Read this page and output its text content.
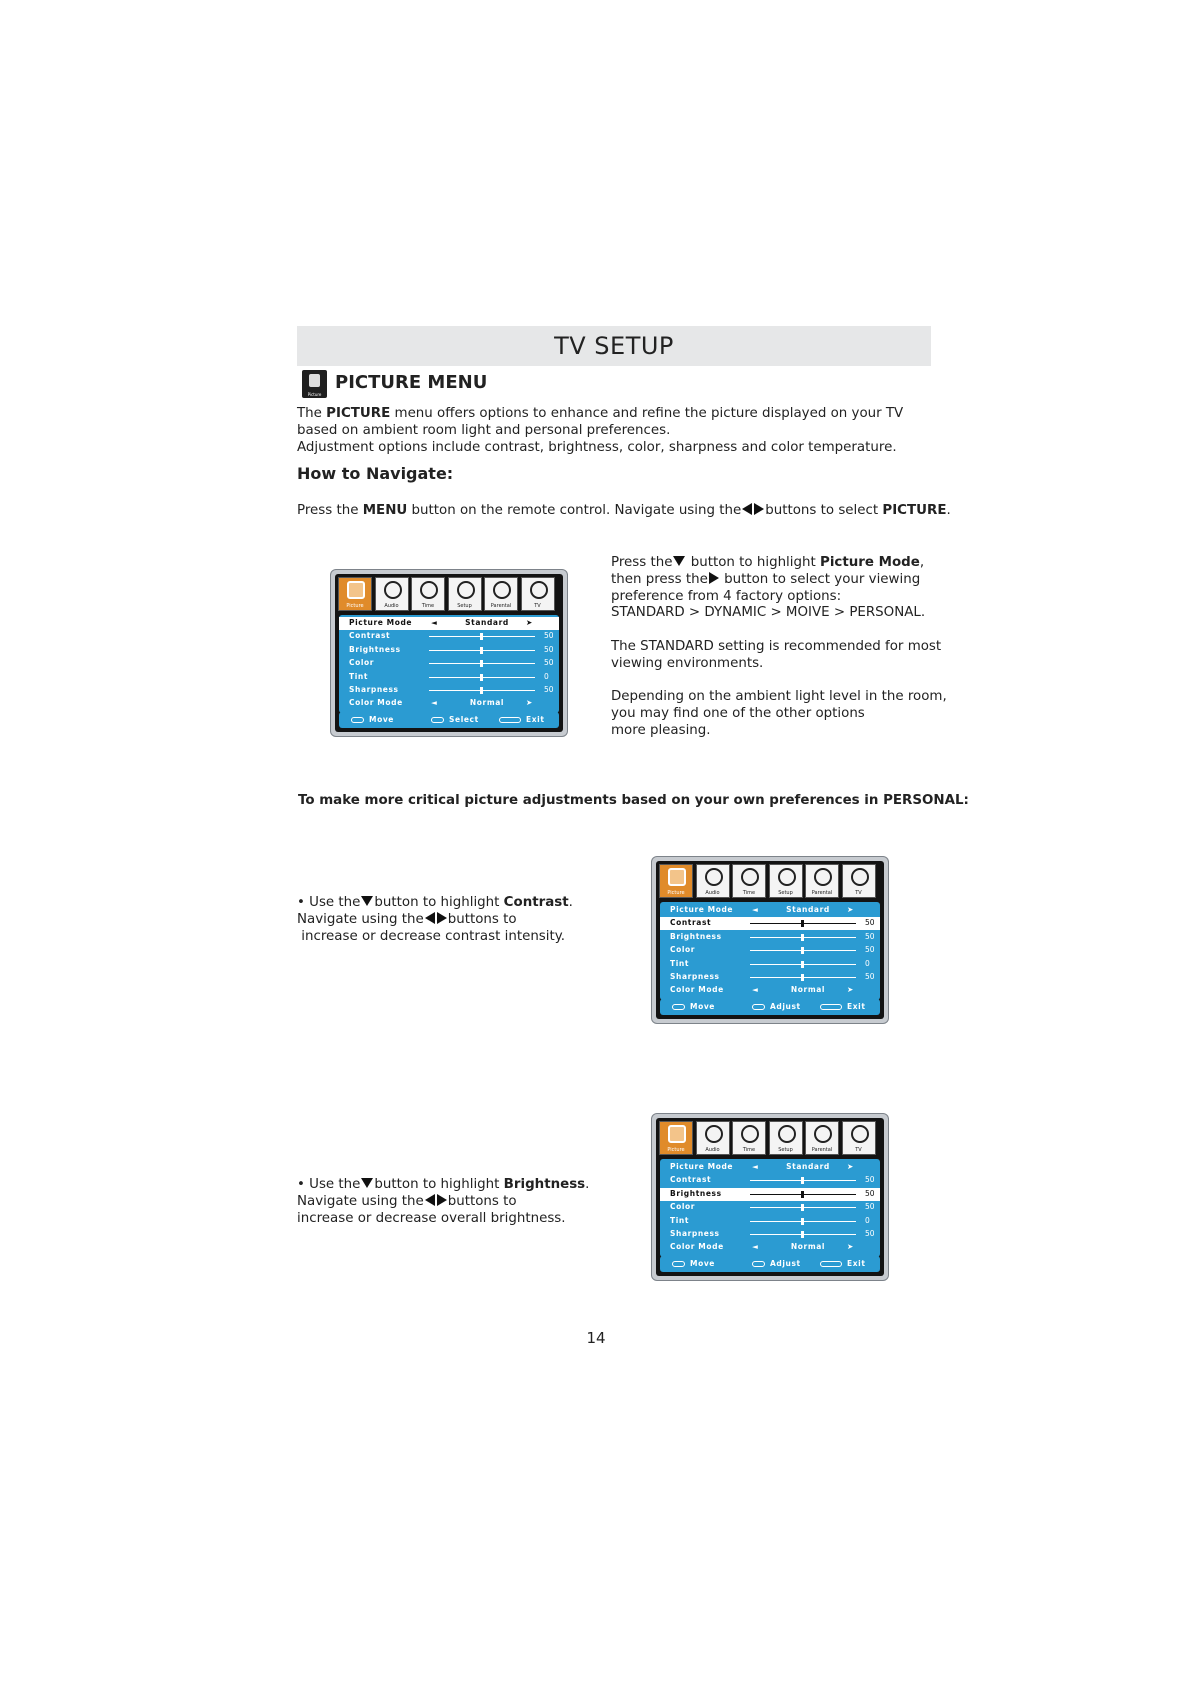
TV SETUP
Picture
PICTURE MENU
The PICTURE menu offers options to enhance and refine the picture displayed on your TV
based on ambient room light and personal preferences.
Adjustment options include contrast, brightness, color, sharpness and color temperature.
How to Navigate:
Press the MENU button on the remote control. Navigate using the buttons to select PICTURE.
Press the button to highlight Picture Mode,
then press the button to select your viewing
preference from 4 factory options:
STANDARD > DYNAMIC > MOIVE > PERSONAL.
The STANDARD setting is recommended for most
viewing environments.
Depending on the ambient light level in the room,
you may find one of the other options
more pleasing.
To make more critical picture adjustments based on your own preferences in PERSONAL:
• Use the button to highlight Contrast.
Navigate using the buttons to
increase or decrease contrast intensity.
• Use the button to highlight Brightness.
Navigate using the buttons to
increase or decrease overall brightness.
Picture	Audio	Time	Setup	Parental	TV
Picture Mode	◄	Standard	➤
Contrast	50
Brightness	50
Color	50
Tint	0
Sharpness	50
Color Mode	◄	Normal	➤
Move	Select	Exit
Picture	Audio	Time	Setup	Parental	TV
Picture Mode	◄	Standard	➤
Contrast	50
Brightness	50
Color	50
Tint	0
Sharpness	50
Color Mode	◄	Normal	➤
Move	Adjust	Exit
Picture	Audio	Time	Setup	Parental	TV
Picture Mode	◄	Standard	➤
Contrast	50
Brightness	50
Color	50
Tint	0
Sharpness	50
Color Mode	◄	Normal	➤
Move	Adjust	Exit
14
